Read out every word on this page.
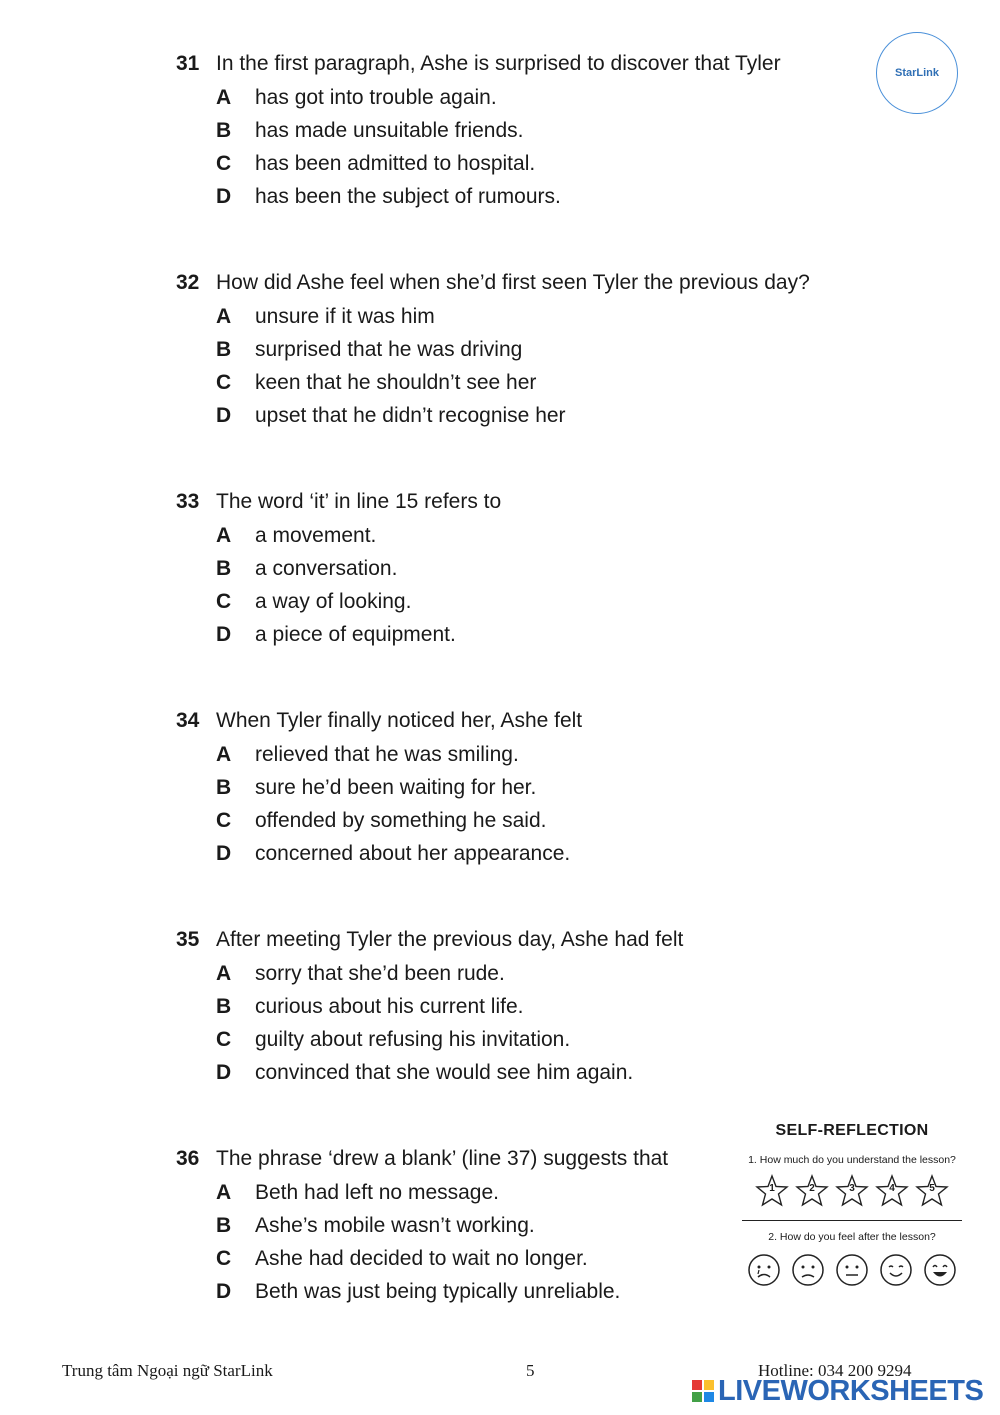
StarLink
31 In the first paragraph, Ashe is surprised to discover that Tyler
A	has got into trouble again.
B	has made unsuitable friends.
C	has been admitted to hospital.
D	has been the subject of rumours.
32 How did Ashe feel when she’d first seen Tyler the previous day?
A	unsure if it was him
B	surprised that he was driving
C	keen that he shouldn’t see her
D	upset that he didn’t recognise her
33 The word ‘it’ in line 15 refers to
A	a movement.
B	a conversation.
C	a way of looking.
D	a piece of equipment.
34 When Tyler finally noticed her, Ashe felt
A	relieved that he was smiling.
B	sure he’d been waiting for her.
C	offended by something he said.
D	concerned about her appearance.
35 After meeting Tyler the previous day, Ashe had felt
A	sorry that she’d been rude.
B	curious about his current life.
C	guilty about refusing his invitation.
D	convinced that she would see him again.
36 The phrase ‘drew a blank’ (line 37) suggests that
A	Beth had left no message.
B	Ashe’s mobile wasn’t working.
C	Ashe had decided to wait no longer.
D	Beth was just being typically unreliable.
SELF-REFLECTION
1. How much do you understand the lesson?
1	2	3	4	5
2. How do you feel after the lesson?
Trung tâm Ngoại ngữ StarLink	5	Hotline: 034 200 9294
LIVEWORKSHEETS
